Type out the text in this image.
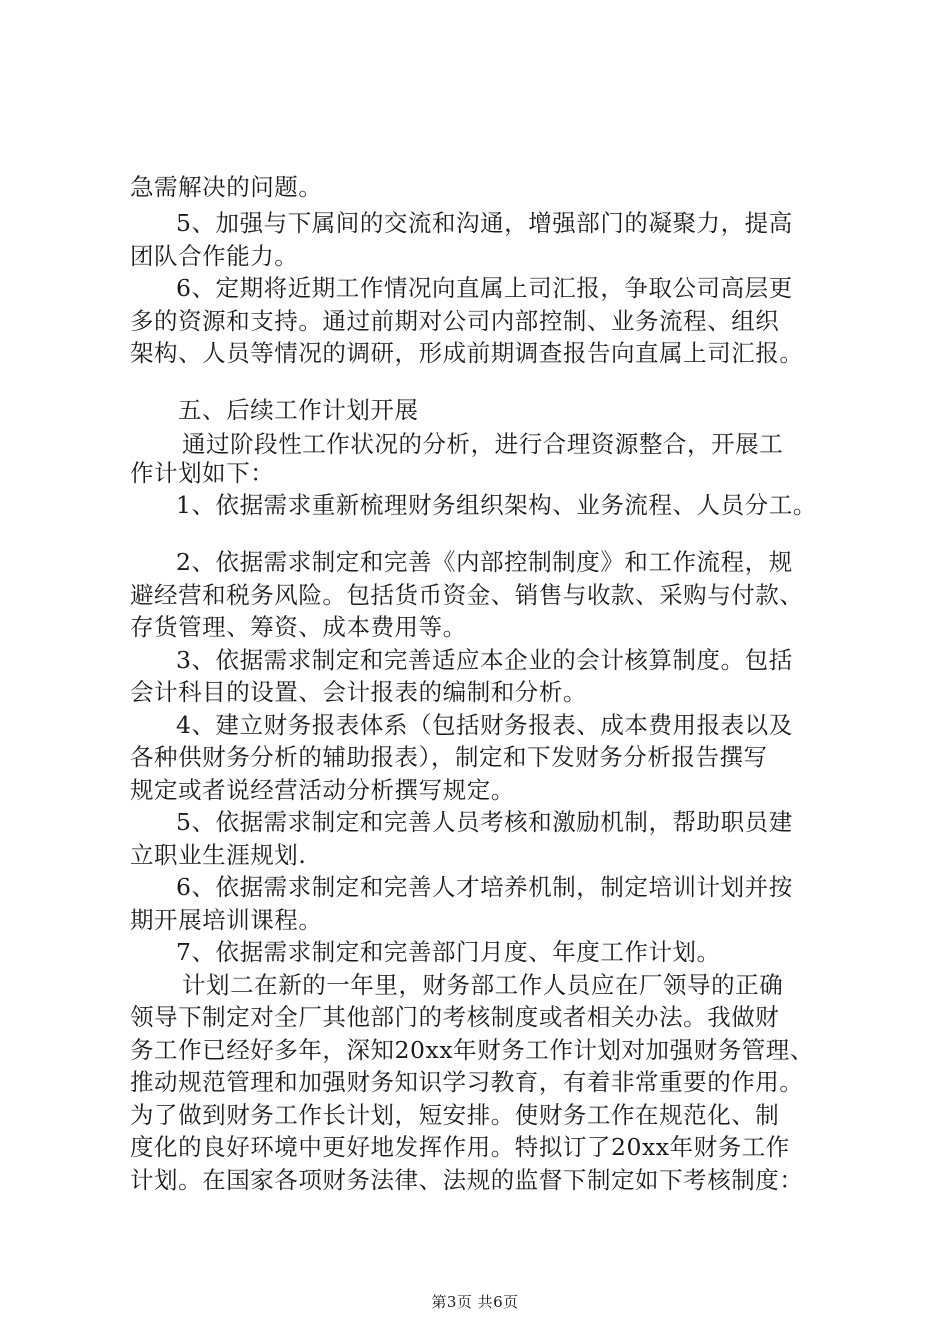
急需解决的问题。
5、加强与下属间的交流和沟通，增强部门的凝聚力，提高
团队合作能力。
6、定期将近期工作情况向直属上司汇报，争取公司高层更
多的资源和支持。通过前期对公司内部控制、业务流程、组织
架构、人员等情况的调研，形成前期调查报告向直属上司汇报。
五、后续工作计划开展
通过阶段性工作状况的分析，进行合理资源整合，开展工
作计划如下：
1、依据需求重新梳理财务组织架构、业务流程、人员分工。
2、依据需求制定和完善《内部控制制度》和工作流程，规
避经营和税务风险。包括货币资金、销售与收款、采购与付款、
存货管理、筹资、成本费用等。
3、依据需求制定和完善适应本企业的会计核算制度。包括
会计科目的设置、会计报表的编制和分析。
4、建立财务报表体系（包括财务报表、成本费用报表以及
各种供财务分析的辅助报表），制定和下发财务分析报告撰写
规定或者说经营活动分析撰写规定。
5、依据需求制定和完善人员考核和激励机制，帮助职员建
立职业生涯规划.
6、依据需求制定和完善人才培养机制，制定培训计划并按
期开展培训课程。
7、依据需求制定和完善部门月度、年度工作计划。
计划二在新的一年里，财务部工作人员应在厂领导的正确
领导下制定对全厂其他部门的考核制度或者相关办法。我做财
务工作已经好多年，深知20xx年财务工作计划对加强财务管理、
推动规范管理和加强财务知识学习教育，有着非常重要的作用。
为了做到财务工作长计划，短安排。使财务工作在规范化、制
度化的良好环境中更好地发挥作用。特拟订了20xx年财务工作
计划。在国家各项财务法律、法规的监督下制定如下考核制度：
第3页 共6页
